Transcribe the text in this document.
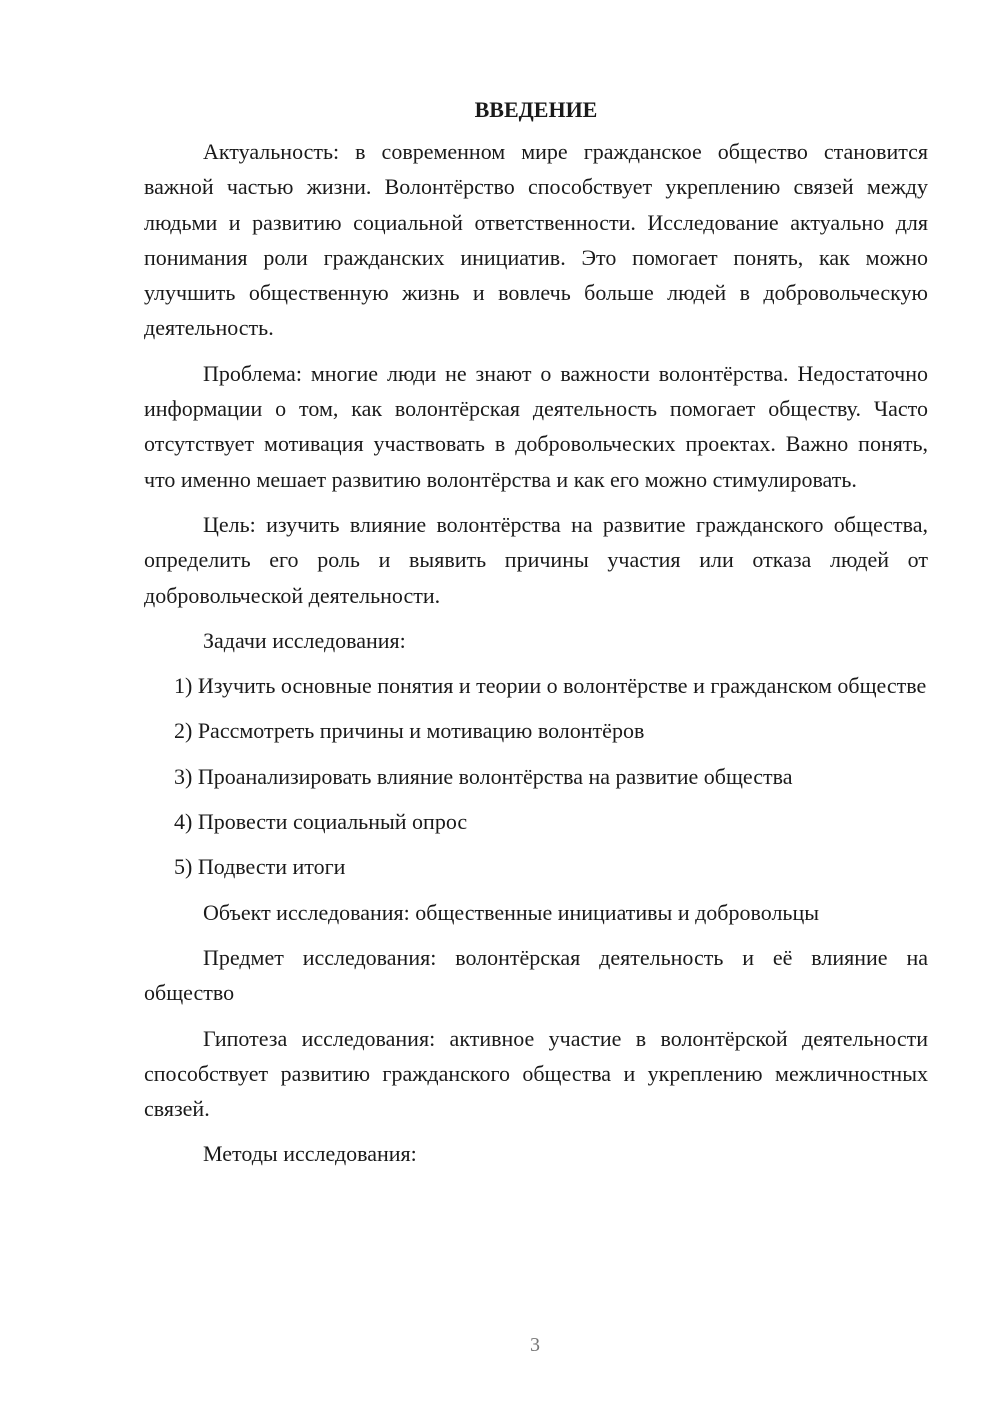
ВВЕДЕНИЕ

Актуальность: в современном мире гражданское общество становится важной частью жизни. Волонтёрство способствует укреплению связей между людьми и развитию социальной ответственности. Исследование актуально для понимания роли гражданских инициатив. Это помогает понять, как можно улучшить общественную жизнь и вовлечь больше людей в добровольческую деятельность.

Проблема: многие люди не знают о важности волонтёрства. Недостаточно информации о том, как волонтёрская деятельность помогает обществу. Часто отсутствует мотивация участвовать в добровольческих проектах. Важно понять, что именно мешает развитию волонтёрства и как его можно стимулировать.

Цель: изучить влияние волонтёрства на развитие гражданского общества, определить его роль и выявить причины участия или отказа людей от добровольческой деятельности.

Задачи исследования:

1) Изучить основные понятия и теории о волонтёрстве и гражданском обществе

2) Рассмотреть причины и мотивацию волонтёров

3) Проанализировать влияние волонтёрства на развитие общества

4) Провести социальный опрос

5) Подвести итоги

Объект исследования: общественные инициативы и добровольцы

Предмет исследования: волонтёрская деятельность и её влияние на общество

Гипотеза исследования: активное участие в волонтёрской деятельности способствует развитию гражданского общества и укреплению межличностных связей.

Методы исследования:

3
